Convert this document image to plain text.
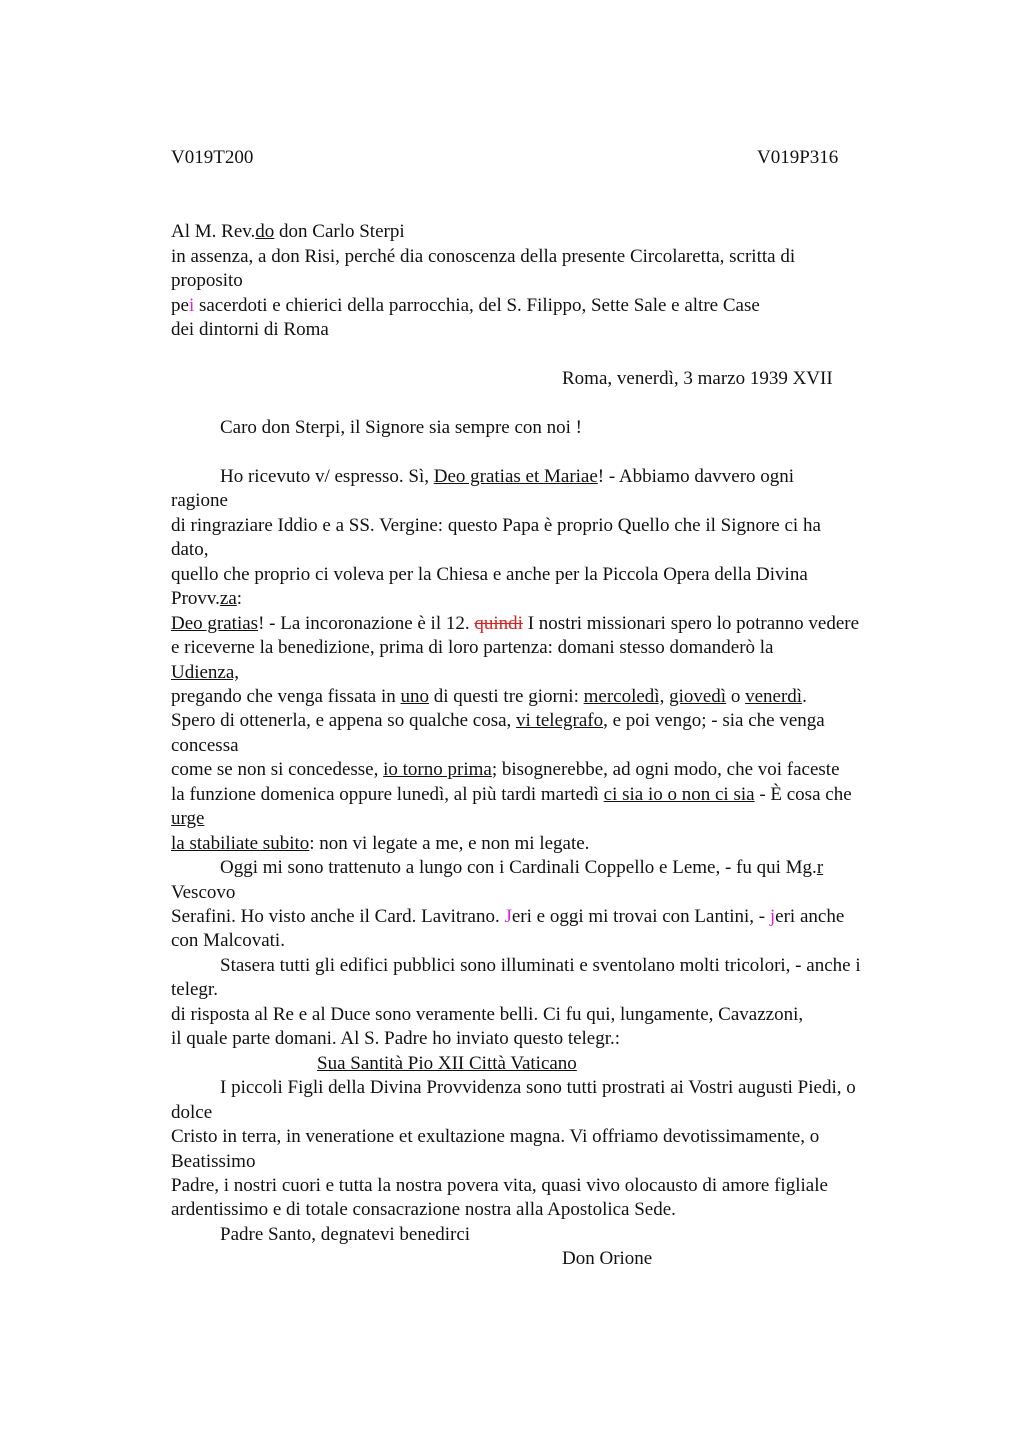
V019T200	V019P316
Al M. Rev.do don Carlo Sterpi
in assenza, a don Risi, perché dia conoscenza della presente Circolaretta, scritta di
proposito
pei sacerdoti e chierici della parrocchia, del S. Filippo, Sette Sale e altre Case
dei dintorni di Roma
Roma, venerdì, 3 marzo 1939 XVII
Caro don Sterpi, il Signore sia sempre con noi !
Ho ricevuto v/ espresso. Sì, Deo gratias et Mariae! - Abbiamo davvero ogni
ragione
di ringraziare Iddio e a SS. Vergine: questo Papa è proprio Quello che il Signore ci ha
dato,
quello che proprio ci voleva per la Chiesa e anche per la Piccola Opera della Divina
Provv.za:
Deo gratias! - La incoronazione è il 12. quindi I nostri missionari spero lo potranno vedere
e riceverne la benedizione, prima di loro partenza: domani stesso domanderò la
Udienza,
pregando che venga fissata in uno di questi tre giorni: mercoledì, giovedì o venerdì.
Spero di ottenerla, e appena so qualche cosa, vi telegrafo, e poi vengo; - sia che venga
concessa
come se non si concedesse, io torno prima; bisognerebbe, ad ogni modo, che voi faceste
la funzione domenica oppure lunedì, al più tardi martedì ci sia io o non ci sia - È cosa che
urge
la stabiliate subito: non vi legate a me, e non mi legate.
Oggi mi sono trattenuto a lungo con i Cardinali Coppello e Leme, - fu qui Mg.r
Vescovo
Serafini. Ho visto anche il Card. Lavitrano. Jeri e oggi mi trovai con Lantini, - jeri anche
con Malcovati.
Stasera tutti gli edifici pubblici sono illuminati e sventolano molti tricolori, - anche i
telegr.
di risposta al Re e al Duce sono veramente belli. Ci fu qui, lungamente, Cavazzoni,
il quale parte domani. Al S. Padre ho inviato questo telegr.:
Sua Santità Pio XII Città Vaticano
I piccoli Figli della Divina Provvidenza sono tutti prostrati ai Vostri augusti Piedi, o
dolce
Cristo in terra, in veneratione et exultazione magna. Vi offriamo devotissimamente, o
Beatissimo
Padre, i nostri cuori e tutta la nostra povera vita, quasi vivo olocausto di amore figliale
ardentissimo e di totale consacrazione nostra alla Apostolica Sede.
Padre Santo, degnatevi benedirci
Don Orione
